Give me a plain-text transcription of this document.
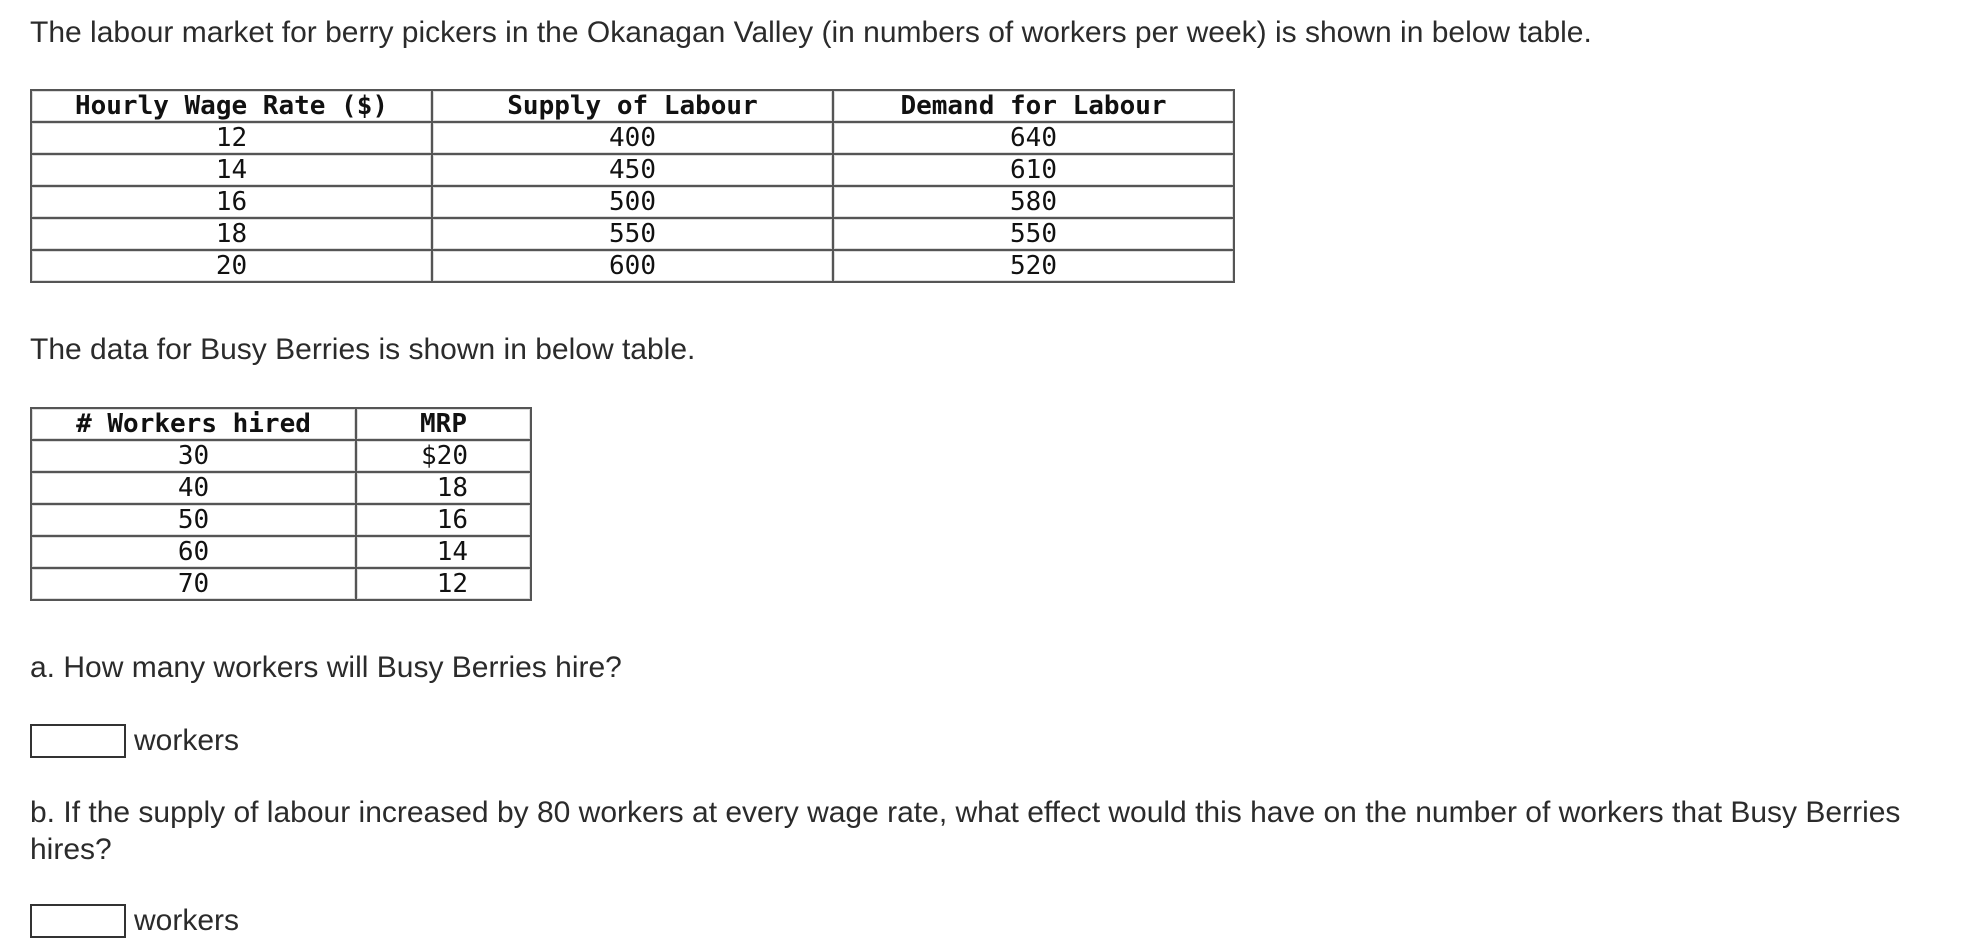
The labour market for berry pickers in the Okanagan Valley (in numbers of workers per week) is shown in below table.

Hourly Wage Rate ($)	Supply of Labour	Demand for Labour
12	400	640
14	450	610
16	500	580
18	550	550
20	600	520

The data for Busy Berries is shown in below table.

# Workers hired	MRP
30	$20
40	18
50	16
60	14
70	12

a. How many workers will Busy Berries hire?

workers

b. If the supply of labour increased by 80 workers at every wage rate, what effect would this have on the number of workers that Busy Berries hires?

workers
